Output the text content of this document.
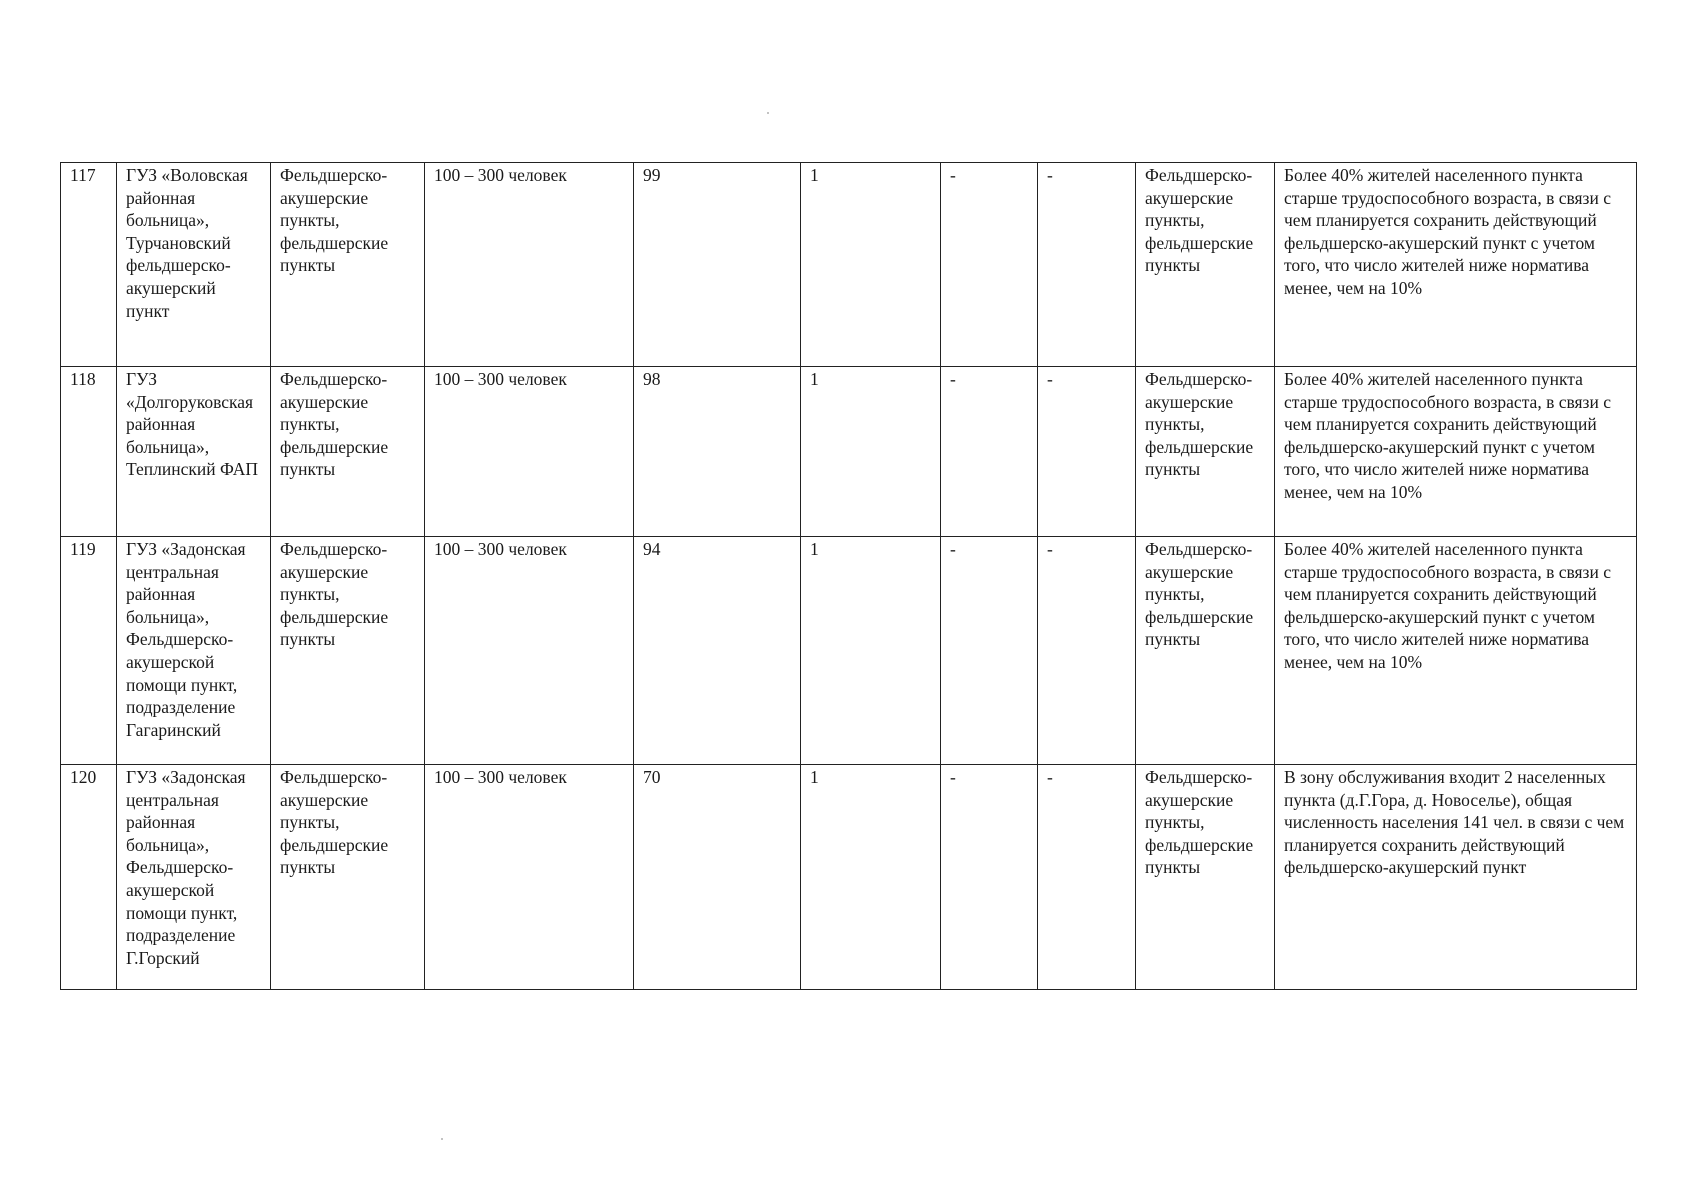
117	ГУЗ «Воловская районная больница», Турчановский фельдшерско-акушерский пункт	Фельдшерско-акушерские пункты, фельдшерские пункты	100 – 300 человек	99	1	-	-	Фельдшерско-акушерские пункты, фельдшерские пункты	Более 40% жителей населенного пункта старше трудоспособного возраста, в связи с чем планируется сохранить действующий фельдшерско-акушерский пункт с учетом того, что число жителей ниже норматива менее, чем на 10%
118	ГУЗ «Долгоруковская районная больница», Теплинский ФАП	Фельдшерско-акушерские пункты, фельдшерские пункты	100 – 300 человек	98	1	-	-	Фельдшерско-акушерские пункты, фельдшерские пункты	Более 40% жителей населенного пункта старше трудоспособного возраста, в связи с чем планируется сохранить действующий фельдшерско-акушерский пункт с учетом того, что число жителей ниже норматива менее, чем на 10%
119	ГУЗ «Задонская центральная районная больница», Фельдшерско-акушерской помощи пункт, подразделение Гагаринский	Фельдшерско-акушерские пункты, фельдшерские пункты	100 – 300 человек	94	1	-	-	Фельдшерско-акушерские пункты, фельдшерские пункты	Более 40% жителей населенного пункта старше трудоспособного возраста, в связи с чем планируется сохранить действующий фельдшерско-акушерский пункт с учетом того, что число жителей ниже норматива менее, чем на 10%
120	ГУЗ «Задонская центральная районная больница», Фельдшерско-акушерской помощи пункт, подразделение Г.Горский	Фельдшерско-акушерские пункты, фельдшерские пункты	100 – 300 человек	70	1	-	-	Фельдшерско-акушерские пункты, фельдшерские пункты	В зону обслуживания входит 2 населенных пункта (д.Г.Гора, д. Новоселье), общая численность населения 141 чел. в связи с чем планируется сохранить действующий фельдшерско-акушерский пункт
